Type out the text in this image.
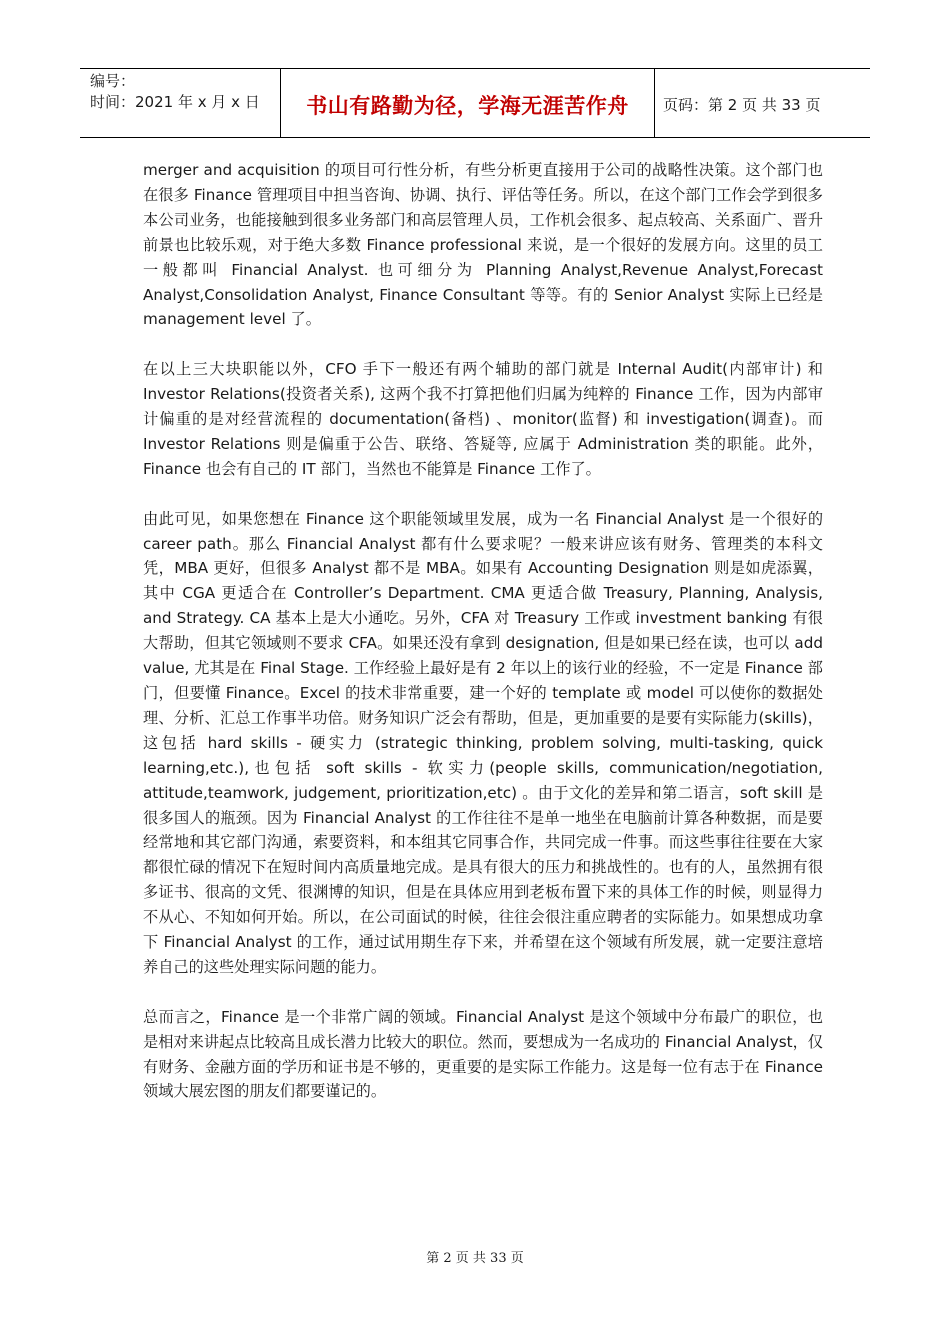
编号：
时间：2021 年 x 月 x 日	书山有路勤为径，学海无涯苦作舟 页码：第 2 页 共 33 页

merger and acquisition 的项目可行性分析，有些分析更直接用于公司的战略性决策。这个部门也在很多 Finance 管理项目中担当咨询、协调、执行、评估等任务。所以，在这个部门工作会学到很多本公司业务，也能接触到很多业务部门和高层管理人员，工作机会很多、起点较高、关系面广、晋升前景也比较乐观，对于绝大多数 Finance professional 来说，是一个很好的发展方向。这里的员工一般都叫 Financial Analyst. 也可细分为 Planning Analyst,Revenue Analyst,Forecast Analyst,Consolidation Analyst, Finance Consultant 等等。有的 Senior Analyst 实际上已经是 management level 了。

在以上三大块职能以外，CFO 手下一般还有两个辅助的部门就是 Internal Audit(内部审计) 和 Investor Relations(投资者关系), 这两个我不打算把他们归属为纯粹的 Finance 工作，因为内部审计偏重的是对经营流程的 documentation(备档) 、monitor(监督) 和 investigation(调查)。而 Investor Relations 则是偏重于公告、联络、答疑等, 应属于 Administration 类的职能。此外，Finance 也会有自己的 IT 部门，当然也不能算是 Finance 工作了。

由此可见，如果您想在 Finance 这个职能领域里发展，成为一名 Financial Analyst 是一个很好的 career path。那么 Financial Analyst 都有什么要求呢？一般来讲应该有财务、管理类的本科文凭，MBA 更好，但很多 Analyst 都不是 MBA。如果有 Accounting Designation 则是如虎添翼，其中 CGA 更适合在 Controller’s Department. CMA 更适合做 Treasury, Planning, Analysis, and Strategy. CA 基本上是大小通吃。另外，CFA 对 Treasury 工作或 investment banking 有很大帮助，但其它领域则不要求 CFA。如果还没有拿到 designation, 但是如果已经在读，也可以 add value, 尤其是在 Final Stage. 工作经验上最好是有 2 年以上的该行业的经验，不一定是 Finance 部门，但要懂 Finance。Excel 的技术非常重要，建一个好的 template 或 model 可以使你的数据处理、分析、汇总工作事半功倍。财务知识广泛会有帮助，但是，更加重要的是要有实际能力(skills)，这包括 hard skills - 硬实力 (strategic thinking, problem solving, multi-tasking, quick learning,etc.),也包括 soft skills - 软实力(people skills, communication/negotiation, attitude,teamwork, judgement, prioritization,etc) 。由于文化的差异和第二语言，soft skill 是很多国人的瓶颈。因为 Financial Analyst 的工作往往不是单一地坐在电脑前计算各种数据，而是要经常地和其它部门沟通，索要资料，和本组其它同事合作，共同完成一件事。而这些事往往要在大家都很忙碌的情况下在短时间内高质量地完成。是具有很大的压力和挑战性的。也有的人，虽然拥有很多证书、很高的文凭、很渊博的知识，但是在具体应用到老板布置下来的具体工作的时候，则显得力不从心、不知如何开始。所以，在公司面试的时候，往往会很注重应聘者的实际能力。如果想成功拿下 Financial Analyst 的工作，通过试用期生存下来，并希望在这个领域有所发展，就一定要注意培养自己的这些处理实际问题的能力。

总而言之，Finance 是一个非常广阔的领域。Financial Analyst 是这个领域中分布最广的职位，也是相对来讲起点比较高且成长潜力比较大的职位。然而，要想成为一名成功的 Financial Analyst，仅有财务、金融方面的学历和证书是不够的，更重要的是实际工作能力。这是每一位有志于在 Finance 领域大展宏图的朋友们都要谨记的。

第 2 页 共 33 页
